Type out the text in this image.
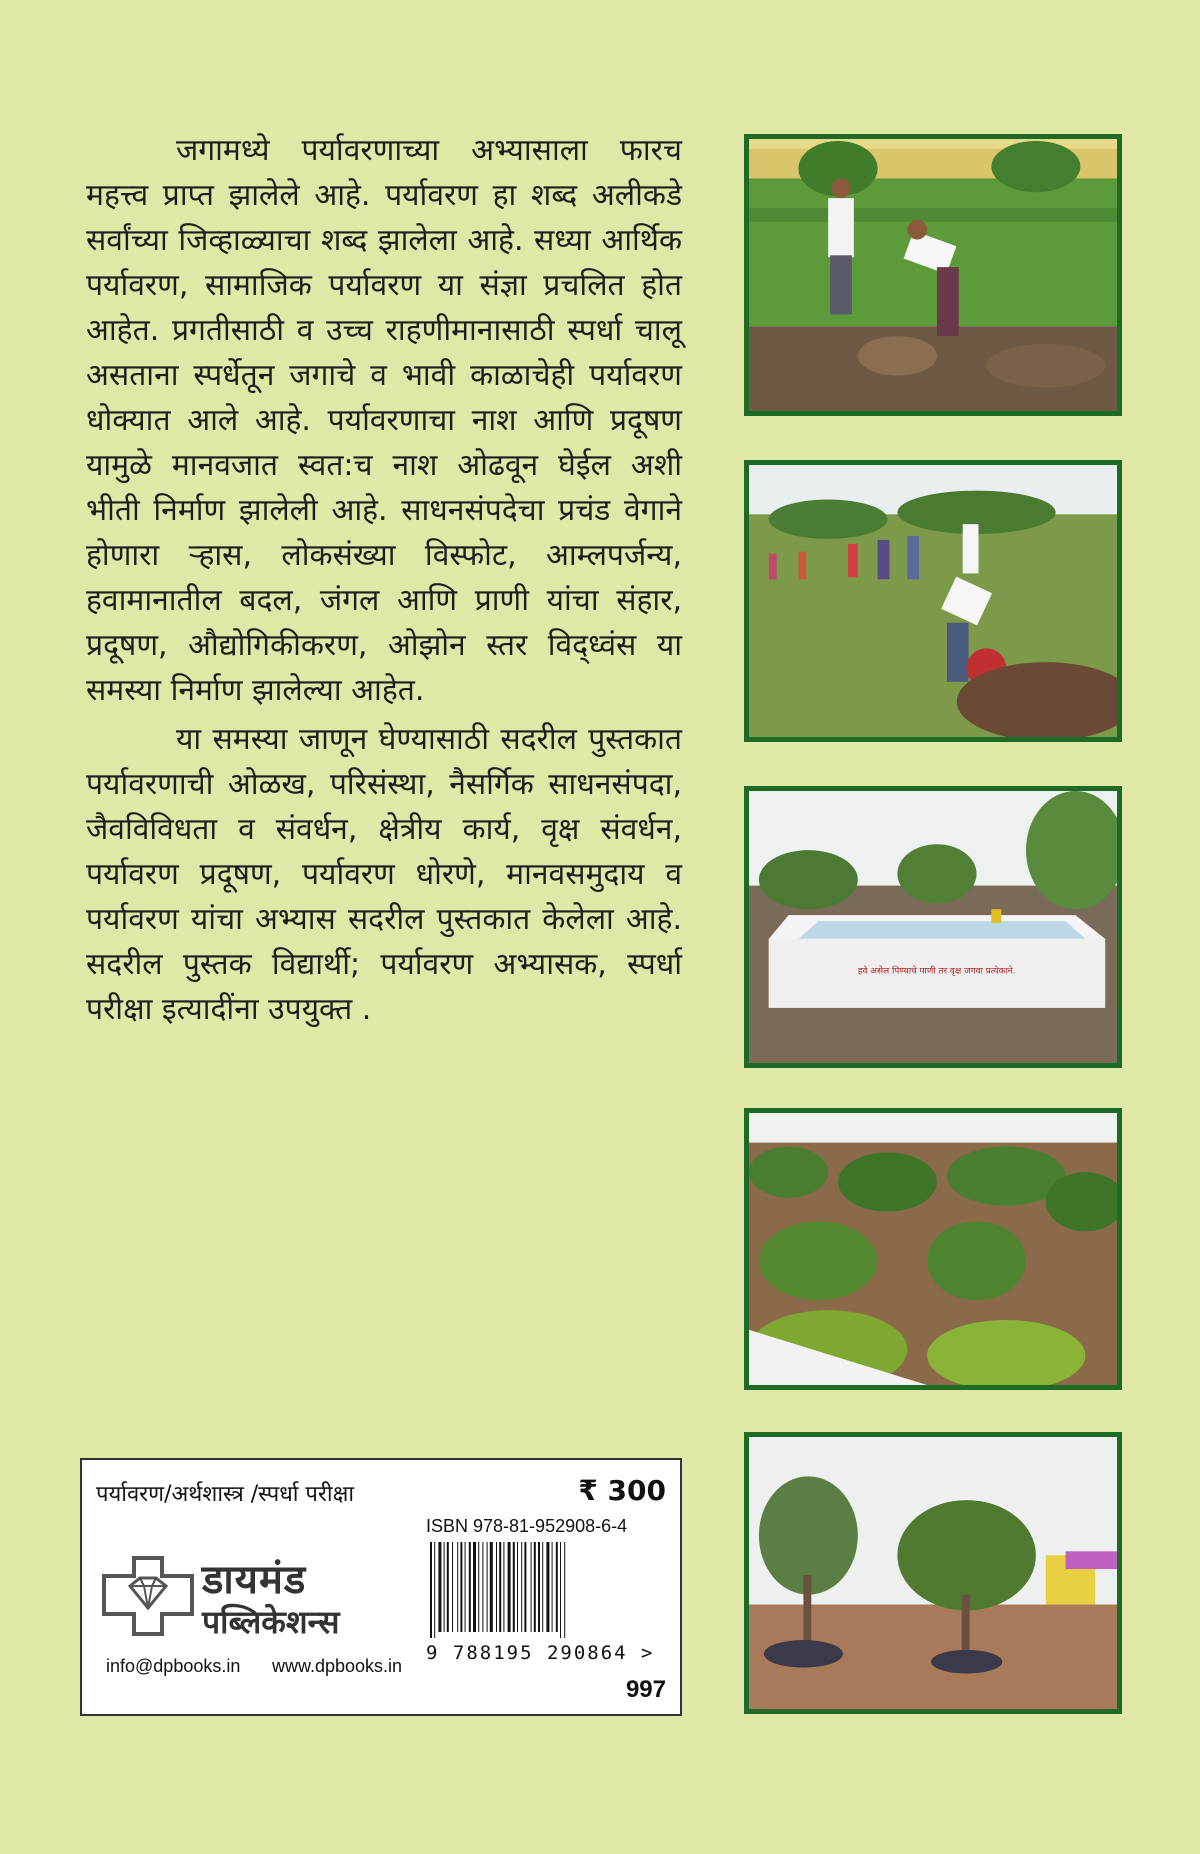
जगामध्ये पर्यावरणाच्या अभ्यासाला फारच महत्त्व प्राप्त झालेले आहे. पर्यावरण हा शब्द अलीकडे सर्वांच्या जिव्हाळ्याचा शब्द झालेला आहे. सध्या आर्थिक पर्यावरण, सामाजिक पर्यावरण या संज्ञा प्रचलित होत आहेत. प्रगतीसाठी व उच्च राहणीमानासाठी स्पर्धा चालू असताना स्पर्धेतून जगाचे व भावी काळाचेही पर्यावरण धोक्यात आले आहे. पर्यावरणाचा नाश आणि प्रदूषण यामुळे मानवजात स्वत:च नाश ओढवून घेईल अशी भीती निर्माण झालेली आहे. साधनसंपदेचा प्रचंड वेगाने होणारा ऱ्हास, लोकसंख्या विस्फोट, आम्लपर्जन्य, हवामानातील बदल, जंगल आणि प्राणी यांचा संहार, प्रदूषण, औद्योगिकीकरण, ओझोन स्तर विद्ध्वंस या समस्या निर्माण झालेल्या आहेत.

या समस्या जाणून घेण्यासाठी सदरील पुस्तकात पर्यावरणाची ओळख, परिसंस्था, नैसर्गिक साधनसंपदा, जैवविविधता व संवर्धन, क्षेत्रीय कार्य, वृक्ष संवर्धन, पर्यावरण प्रदूषण, पर्यावरण धोरणे, मानवसमुदाय व पर्यावरण यांचा अभ्यास सदरील पुस्तकात केलेला आहे. सदरील पुस्तक विद्यार्थी; पर्यावरण अभ्यासक, स्पर्धा परीक्षा इत्यादींना उपयुक्त .

हवे असेल पिण्याचे पाणी तर वृक्ष जगवा प्रत्येकाने.
पर्यावरण/अर्थशास्त्र /स्पर्धा परीक्षा	₹ 300
ISBN 978-81-952908-6-4
डायमंड
पब्लिकेशन्स
info@dpbooks.in www.dpbooks.in
9 788195 290864 >
997
